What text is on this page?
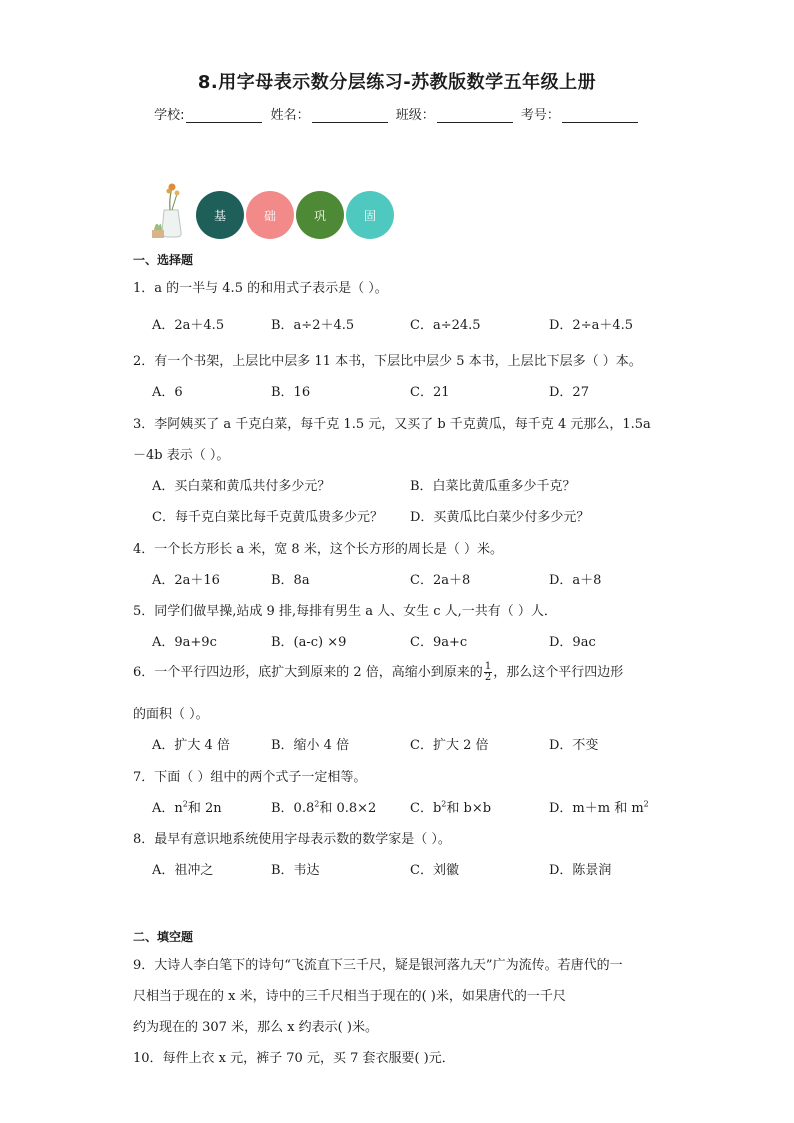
8.用字母表示数分层练习-苏教版数学五年级上册
学校:	姓名：	班级：	考号：
基	础	巩	固
一、选择题
1．a 的一半与 4.5 的和用式子表示是（ ）。
A．2a＋4.5	B．a÷2＋4.5	C．a÷24.5	D．2÷a＋4.5
2．有一个书架，上层比中层多 11 本书，下层比中层少 5 本书，上层比下层多（ ）本。
A．6	B．16	C．21	D．27
3．李阿姨买了 a 千克白菜，每千克 1.5 元，又买了 b 千克黄瓜，每千克 4 元那么，1.5a
－4b 表示（ ）。
A．买白菜和黄瓜共付多少元？	B．白菜比黄瓜重多少千克？
C．每千克白菜比每千克黄瓜贵多少元？ D．买黄瓜比白菜少付多少元？
4．一个长方形长 a 米，宽 8 米，这个长方形的周长是（ ）米。
A．2a＋16	B．8a	C．2a＋8	D．a＋8
5．同学们做早操,站成 9 排,每排有男生 a 人、女生 c 人,一共有（ ）人．
A．9a+9c	B．(a-c) ×9	C．9a+c	D．9ac
6．一个平行四边形，底扩大到原来的 2 倍，高缩小到原来的 $\frac{1}{2}$ ，那么这个平行四边形
的面积（ ）。
A．扩大 4 倍	B．缩小 4 倍	C．扩大 2 倍	D．不变
7．下面（ ）组中的两个式子一定相等。
A．$n^2$和 2n	B．$0.8^2$和 0.8×2	C．$b^2$和 b×b	D．m＋m 和 $m^2$
8．最早有意识地系统使用字母表示数的数学家是（ ）。
A．祖冲之	B．韦达	C．刘徽	D．陈景润
二、填空题
9．大诗人李白笔下的诗句“飞流直下三千尺，疑是银河落九天”广为流传。若唐代的一
尺相当于现在的 x 米，诗中的三千尺相当于现在的( )米，如果唐代的一千尺
约为现在的 307 米，那么 x 约表示( )米。
10．每件上衣 x 元，裤子 70 元，买 7 套衣服要( )元．
